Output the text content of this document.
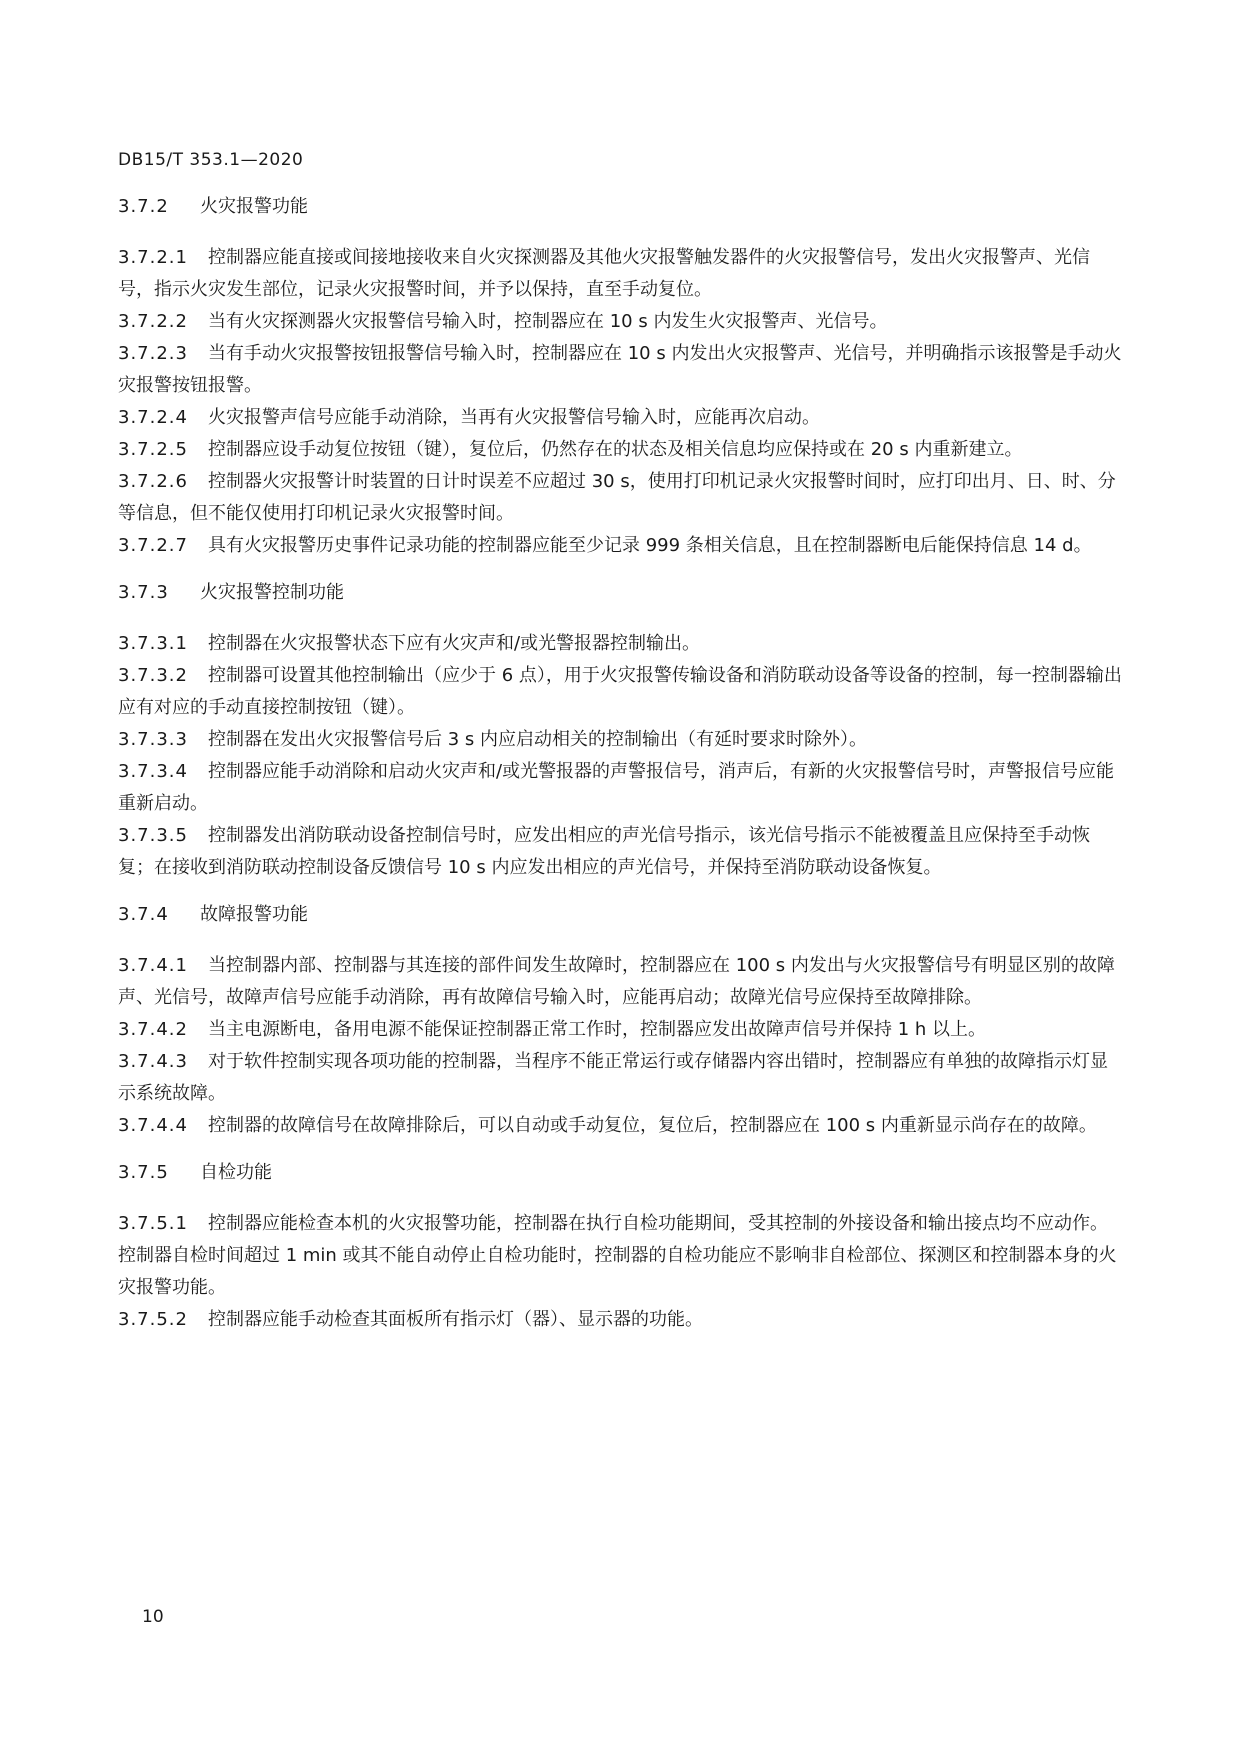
DB15/T 353.1—2020
3.7.2 火灾报警功能

3.7.2.1 控制器应能直接或间接地接收来自火灾探测器及其他火灾报警触发器件的火灾报警信号，发出火灾报警声、光信号，指示火灾发生部位，记录火灾报警时间，并予以保持，直至手动复位。

3.7.2.2 当有火灾探测器火灾报警信号输入时，控制器应在 10 s 内发生火灾报警声、光信号。

3.7.2.3 当有手动火灾报警按钮报警信号输入时，控制器应在 10 s 内发出火灾报警声、光信号，并明确指示该报警是手动火灾报警按钮报警。

3.7.2.4 火灾报警声信号应能手动消除，当再有火灾报警信号输入时，应能再次启动。

3.7.2.5 控制器应设手动复位按钮（键），复位后，仍然存在的状态及相关信息均应保持或在 20 s 内重新建立。

3.7.2.6 控制器火灾报警计时装置的日计时误差不应超过 30 s，使用打印机记录火灾报警时间时，应打印出月、日、时、分等信息，但不能仅使用打印机记录火灾报警时间。

3.7.2.7 具有火灾报警历史事件记录功能的控制器应能至少记录 999 条相关信息，且在控制器断电后能保持信息 14 d。

3.7.3 火灾报警控制功能

3.7.3.1 控制器在火灾报警状态下应有火灾声和/或光警报器控制输出。

3.7.3.2 控制器可设置其他控制输出（应少于 6 点），用于火灾报警传输设备和消防联动设备等设备的控制，每一控制器输出应有对应的手动直接控制按钮（键）。

3.7.3.3 控制器在发出火灾报警信号后 3 s 内应启动相关的控制输出（有延时要求时除外）。

3.7.3.4 控制器应能手动消除和启动火灾声和/或光警报器的声警报信号，消声后，有新的火灾报警信号时，声警报信号应能重新启动。

3.7.3.5 控制器发出消防联动设备控制信号时，应发出相应的声光信号指示，该光信号指示不能被覆盖且应保持至手动恢复；在接收到消防联动控制设备反馈信号 10 s 内应发出相应的声光信号，并保持至消防联动设备恢复。

3.7.4 故障报警功能

3.7.4.1 当控制器内部、控制器与其连接的部件间发生故障时，控制器应在 100 s 内发出与火灾报警信号有明显区别的故障声、光信号，故障声信号应能手动消除，再有故障信号输入时，应能再启动；故障光信号应保持至故障排除。

3.7.4.2 当主电源断电，备用电源不能保证控制器正常工作时，控制器应发出故障声信号并保持 1 h 以上。

3.7.4.3 对于软件控制实现各项功能的控制器，当程序不能正常运行或存储器内容出错时，控制器应有单独的故障指示灯显示系统故障。

3.7.4.4 控制器的故障信号在故障排除后，可以自动或手动复位，复位后，控制器应在 100 s 内重新显示尚存在的故障。

3.7.5 自检功能

3.7.5.1 控制器应能检查本机的火灾报警功能，控制器在执行自检功能期间，受其控制的外接设备和输出接点均不应动作。控制器自检时间超过 1 min 或其不能自动停止自检功能时，控制器的自检功能应不影响非自检部位、探测区和控制器本身的火灾报警功能。

3.7.5.2 控制器应能手动检查其面板所有指示灯（器）、显示器的功能。

10
